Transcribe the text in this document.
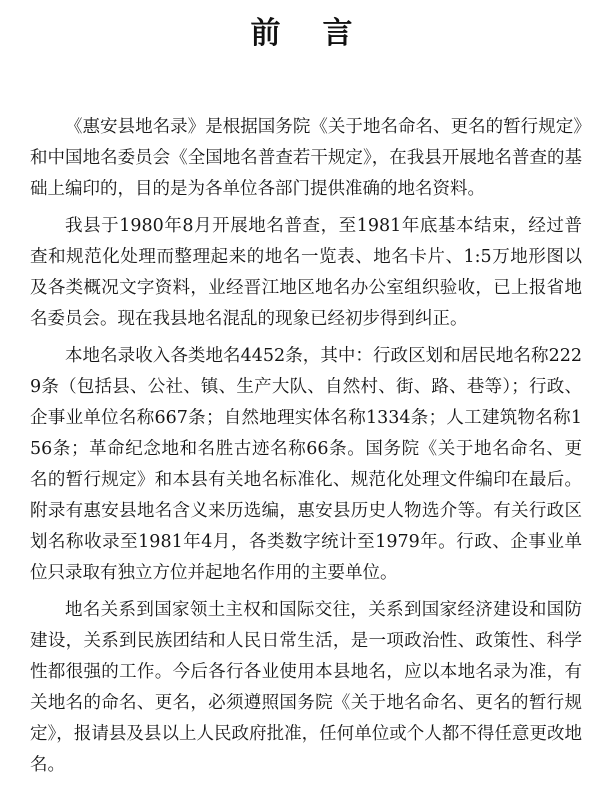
前言

《惠安县地名录》是根据国务院《关于地名命名、更名的暂行规定》和中国地名委员会《全国地名普查若干规定》，在我县开展地名普查的基础上编印的，目的是为各单位各部门提供准确的地名资料。

我县于1980年8月开展地名普查，至1981年底基本结束，经过普查和规范化处理而整理起来的地名一览表、地名卡片、1:5万地形图以及各类概况文字资料，业经晋江地区地名办公室组织验收，已上报省地名委员会。现在我县地名混乱的现象已经初步得到纠正。

本地名录收入各类地名4452条，其中：行政区划和居民地名称2229条（包括县、公社、镇、生产大队、自然村、街、路、巷等）；行政、企事业单位名称667条；自然地理实体名称1334条；人工建筑物名称156条；革命纪念地和名胜古迹名称66条。国务院《关于地名命名、更名的暂行规定》和本县有关地名标准化、规范化处理文件编印在最后。附录有惠安县地名含义来历选编，惠安县历史人物选介等。有关行政区划名称收录至1981年4月，各类数字统计至1979年。行政、企事业单位只录取有独立方位并起地名作用的主要单位。

地名关系到国家领土主权和国际交往，关系到国家经济建设和国防建设，关系到民族团结和人民日常生活，是一项政治性、政策性、科学性都很强的工作。今后各行各业使用本县地名，应以本地名录为准，有关地名的命名、更名，必须遵照国务院《关于地名命名、更名的暂行规定》，报请县及县以上人民政府批准，任何单位或个人都不得任意更改地名。
